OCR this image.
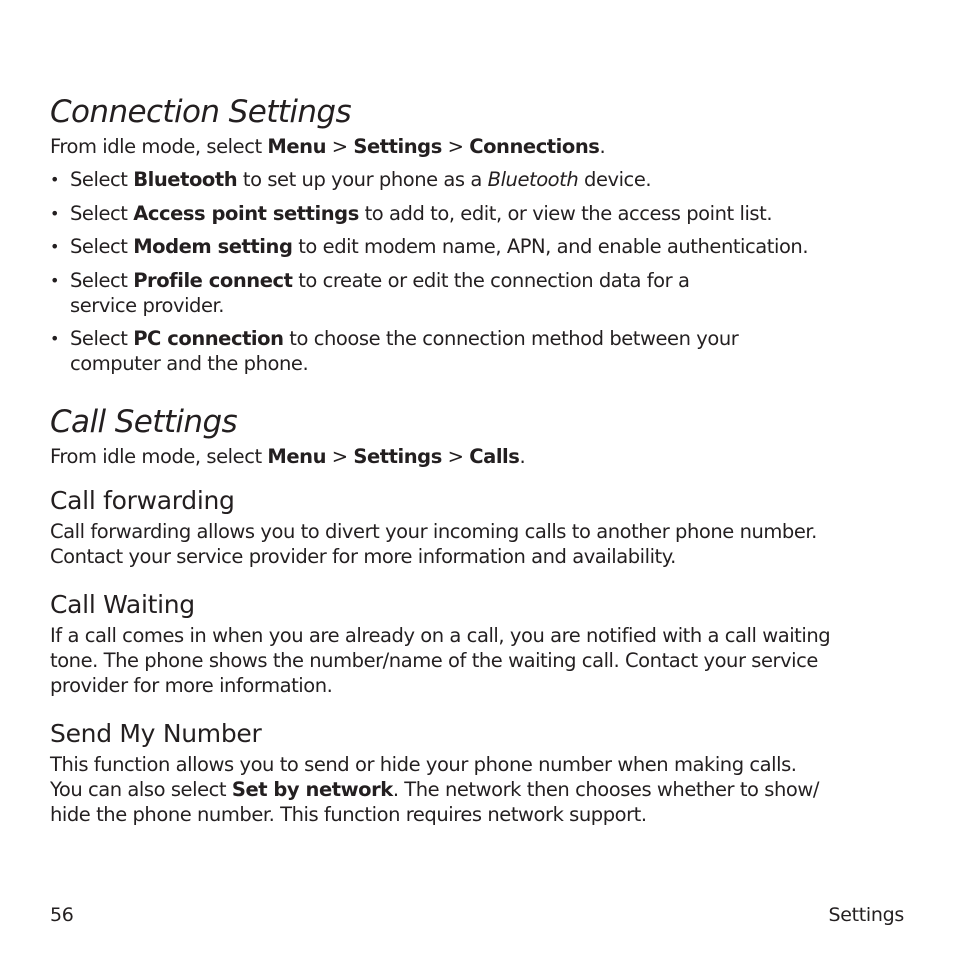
Connection Settings

From idle mode, select Menu > Settings > Connections.

• Select Bluetooth to set up your phone as a Bluetooth device.
• Select Access point settings to add to, edit, or view the access point list.
• Select Modem setting to edit modem name, APN, and enable authentication.
• Select Profile connect to create or edit the connection data for a
service provider.
• Select PC connection to choose the connection method between your
computer and the phone.
Call Settings

From idle mode, select Menu > Settings > Calls.

Call forwarding

Call forwarding allows you to divert your incoming calls to another phone number.
Contact your service provider for more information and availability.

Call Waiting

If a call comes in when you are already on a call, you are notified with a call waiting
tone. The phone shows the number/name of the waiting call. Contact your service
provider for more information.

Send My Number

This function allows you to send or hide your phone number when making calls.
You can also select Set by network. The network then chooses whether to show/
hide the phone number. This function requires network support.

56	Settings
